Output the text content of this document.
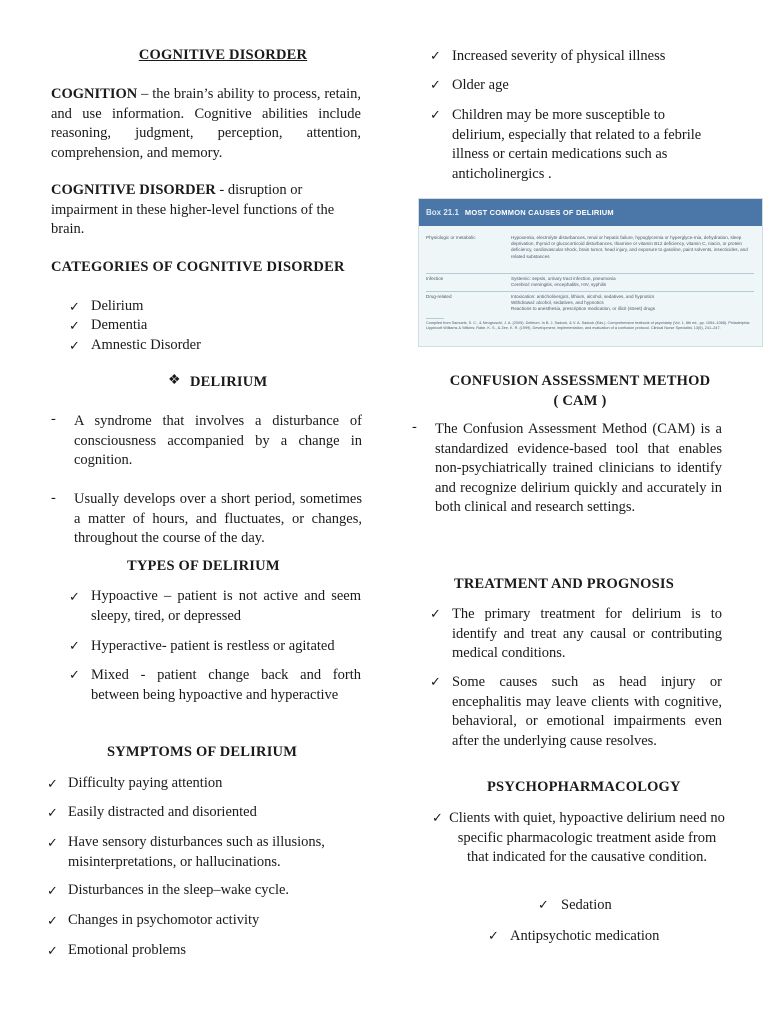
COGNITIVE DISORDER
COGNITION – the brain’s ability to process, retain, and use information. Cognitive abilities include reasoning, judgment, perception, attention, comprehension, and memory.
COGNITIVE DISORDER - disruption or impairment in these higher-level functions of the brain.
CATEGORIES OF COGNITIVE DISORDER
✓ Delirium
✓ Dementia
✓ Amnestic Disorder
❖ DELIRIUM
- A syndrome that involves a disturbance of consciousness accompanied by a change in cognition.
- Usually develops over a short period, sometimes a matter of hours, and fluctuates, or changes, throughout the course of the day.
TYPES OF DELIRIUM
✓ Hypoactive – patient is not active and seem sleepy, tired, or depressed
✓ Hyperactive- patient is restless or agitated
✓ Mixed - patient change back and forth between being hypoactive and hyperactive
SYMPTOMS OF DELIRIUM
✓ Difficulty paying attention
✓ Easily distracted and disoriented
✓ Have sensory disturbances such as illusions, misinterpretations, or hallucinations.
✓ Disturbances in the sleep–wake cycle.
✓ Changes in psychomotor activity
✓ Emotional problems
✓ Increased severity of physical illness
✓ Older age
✓ Children may be more susceptible to delirium, especially that related to a febrile illness or certain medications such as anticholinergics .
Box 21.1 MOST COMMON CAUSES OF DELIRIUM
Physiologic or metabolic	Hypoxemia, electrolyte disturbances, renal or hepatic failure, hypoglycemia or hyperglyce-mia, dehydration, sleep deprivation, thyroid or glucocorticoid disturbances, thiamine or vitamin B12 deficiency, vitamin C, niacin, or protein deficiency, cardiovascular shock, brain tumor, head injury, and exposure to gasoline, paint solvents, insecticides, and related substances
Infection	Systemic: sepsis, urinary tract infection, pneumonia
Cerebral: meningitis, encephalitis, HIV, syphilis
Drug-related	Intoxication: anticholinergics, lithium, alcohol, sedatives, and hypnotics
Withdrawal: alcohol, sedatives, and hypnotics
Reactions to anesthesia, prescription medication, or illicit (street) drugs
Compiled from Samuels, S. C., & Neugroschl, J. A. (2005). Delirium. In B. J. Sadock, & V. A. Sadock (Eds.), Comprehensive textbook of psychiatry (Vol. 1, 8th ed., pp. 1054–1068). Philadelphia: Lippincott Williams & Wilkins; Rabe, K. S., & Zee, K. R. (1999). Development, implementation, and evaluation of a confusion protocol. Clinical Nurse Specialist, 13(5), 241–247.
CONFUSION ASSESSMENT METHOD
( CAM )
- The Confusion Assessment Method (CAM) is a standardized evidence-based tool that enables non-psychiatrically trained clinicians to identify and recognize delirium quickly and accurately in both clinical and research settings.
TREATMENT AND PROGNOSIS
✓ The primary treatment for delirium is to identify and treat any causal or contributing medical conditions.
✓ Some causes such as head injury or encephalitis may leave clients with cognitive, behavioral, or emotional impairments even after the underlying cause resolves.
PSYCHOPHARMACOLOGY
✓ Clients with quiet, hypoactive delirium need no specific pharmacologic treatment aside from that indicated for the causative condition.
✓ Sedation
✓ Antipsychotic medication
